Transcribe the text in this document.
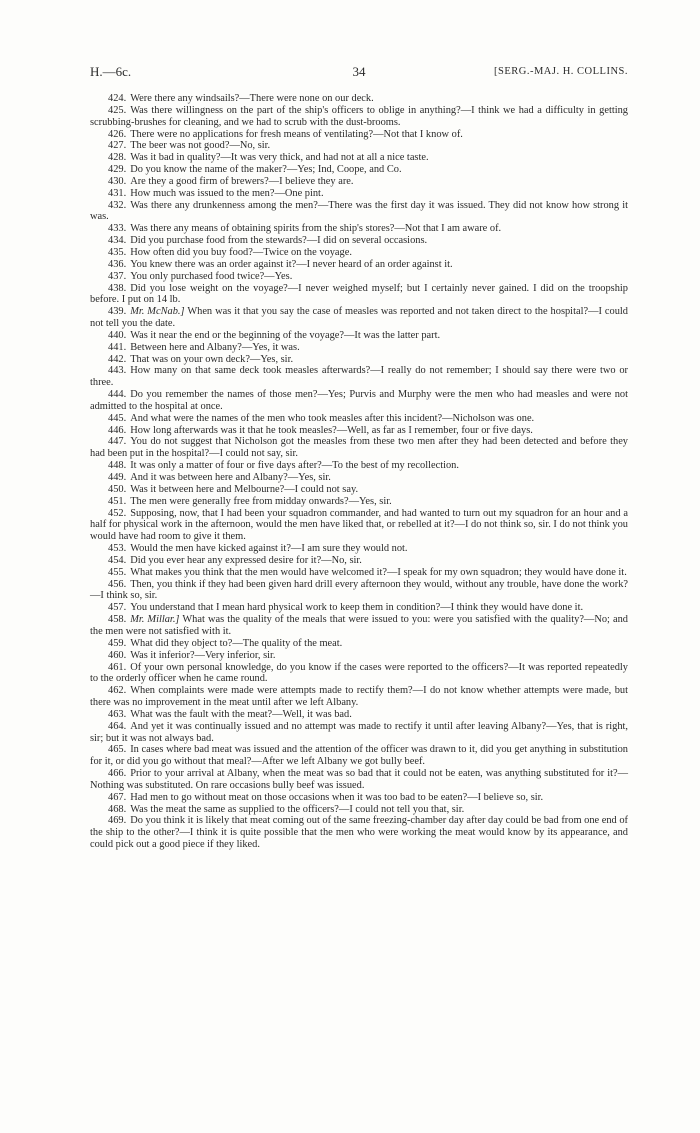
H.—6c.	34	[SERG.-MAJ. H. COLLINS.

424. Were there any windsails?—There were none on our deck.

425. Was there willingness on the part of the ship's officers to oblige in anything?—I think we had a difficulty in getting scrubbing-brushes for cleaning, and we had to scrub with the dust-brooms.

426. There were no applications for fresh means of ventilating?—Not that I know of.

427. The beer was not good?—No, sir.

428. Was it bad in quality?—It was very thick, and had not at all a nice taste.

429. Do you know the name of the maker?—Yes; Ind, Coope, and Co.

430. Are they a good firm of brewers?—I believe they are.

431. How much was issued to the men?—One pint.

432. Was there any drunkenness among the men?—There was the first day it was issued. They did not know how strong it was.

433. Was there any means of obtaining spirits from the ship's stores?—Not that I am aware of.

434. Did you purchase food from the stewards?—I did on several occasions.

435. How often did you buy food?—Twice on the voyage.

436. You knew there was an order against it?—I never heard of an order against it.

437. You only purchased food twice?—Yes.

438. Did you lose weight on the voyage?—I never weighed myself; but I certainly never gained. I did on the troopship before. I put on 14 lb.

439. Mr. McNab.] When was it that you say the case of measles was reported and not taken direct to the hospital?—I could not tell you the date.

440. Was it near the end or the beginning of the voyage?—It was the latter part.

441. Between here and Albany?—Yes, it was.

442. That was on your own deck?—Yes, sir.

443. How many on that same deck took measles afterwards?—I really do not remember; I should say there were two or three.

444. Do you remember the names of those men?—Yes; Purvis and Murphy were the men who had measles and were not admitted to the hospital at once.

445. And what were the names of the men who took measles after this incident?—Nicholson was one.

446. How long afterwards was it that he took measles?—Well, as far as I remember, four or five days.

447. You do not suggest that Nicholson got the measles from these two men after they had been detected and before they had been put in the hospital?—I could not say, sir.

448. It was only a matter of four or five days after?—To the best of my recollection.

449. And it was between here and Albany?—Yes, sir.

450. Was it between here and Melbourne?—I could not say.

451. The men were generally free from midday onwards?—Yes, sir.

452. Supposing, now, that I had been your squadron commander, and had wanted to turn out my squadron for an hour and a half for physical work in the afternoon, would the men have liked that, or rebelled at it?—I do not think so, sir. I do not think you would have had room to give it them.

453. Would the men have kicked against it?—I am sure they would not.

454. Did you ever hear any expressed desire for it?—No, sir.

455. What makes you think that the men would have welcomed it?—I speak for my own squadron; they would have done it.

456. Then, you think if they had been given hard drill every afternoon they would, without any trouble, have done the work?—I think so, sir.

457. You understand that I mean hard physical work to keep them in condition?—I think they would have done it.

458. Mr. Millar.] What was the quality of the meals that were issued to you: were you satisfied with the quality?—No; and the men were not satisfied with it.

459. What did they object to?—The quality of the meat.

460. Was it inferior?—Very inferior, sir.

461. Of your own personal knowledge, do you know if the cases were reported to the officers?—It was reported repeatedly to the orderly officer when he came round.

462. When complaints were made were attempts made to rectify them?—I do not know whether attempts were made, but there was no improvement in the meat until after we left Albany.

463. What was the fault with the meat?—Well, it was bad.

464. And yet it was continually issued and no attempt was made to rectify it until after leaving Albany?—Yes, that is right, sir; but it was not always bad.

465. In cases where bad meat was issued and the attention of the officer was drawn to it, did you get anything in substitution for it, or did you go without that meal?—After we left Albany we got bully beef.

466. Prior to your arrival at Albany, when the meat was so bad that it could not be eaten, was anything substituted for it?—Nothing was substituted. On rare occasions bully beef was issued.

467. Had men to go without meat on those occasions when it was too bad to be eaten?—I believe so, sir.

468. Was the meat the same as supplied to the officers?—I could not tell you that, sir.

469. Do you think it is likely that meat coming out of the same freezing-chamber day after day could be bad from one end of the ship to the other?—I think it is quite possible that the men who were working the meat would know by its appearance, and could pick out a good piece if they liked.
